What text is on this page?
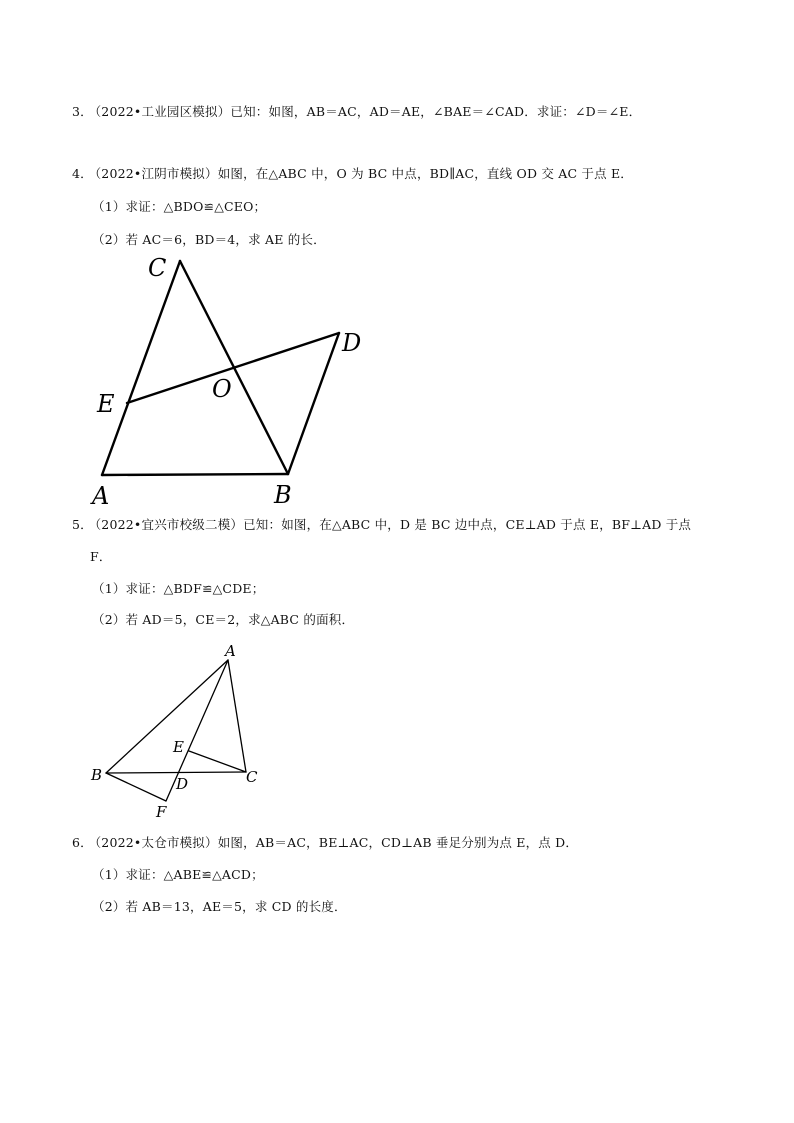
3． （2022•工业园区模拟）已知：如图，AB＝AC，AD＝AE，∠BAE＝∠CAD．求证：∠D＝∠E．
4． （2022•江阴市模拟）如图，在△ABC 中，O 为 BC 中点，BD∥AC，直线 OD 交 AC 于点 E．
（1）求证：△BDO≌△CEO；
（2）若 AC＝6，BD＝4，求 AE 的长．
C
D
E
O
A	B
5． （2022•宜兴市校级二模）已知：如图，在△ABC 中，D 是 BC 边中点，CE⊥AD 于点 E，BF⊥AD 于点
F．
（1）求证：△BDF≌△CDE；
（2）若 AD＝5，CE＝2，求△ABC 的面积．
A
E
B	D	C
F
6． （2022•太仓市模拟）如图，AB＝AC，BE⊥AC，CD⊥AB 垂足分别为点 E，点 D．
（1）求证：△ABE≌△ACD；
（2）若 AB＝13，AE＝5，求 CD 的长度．
